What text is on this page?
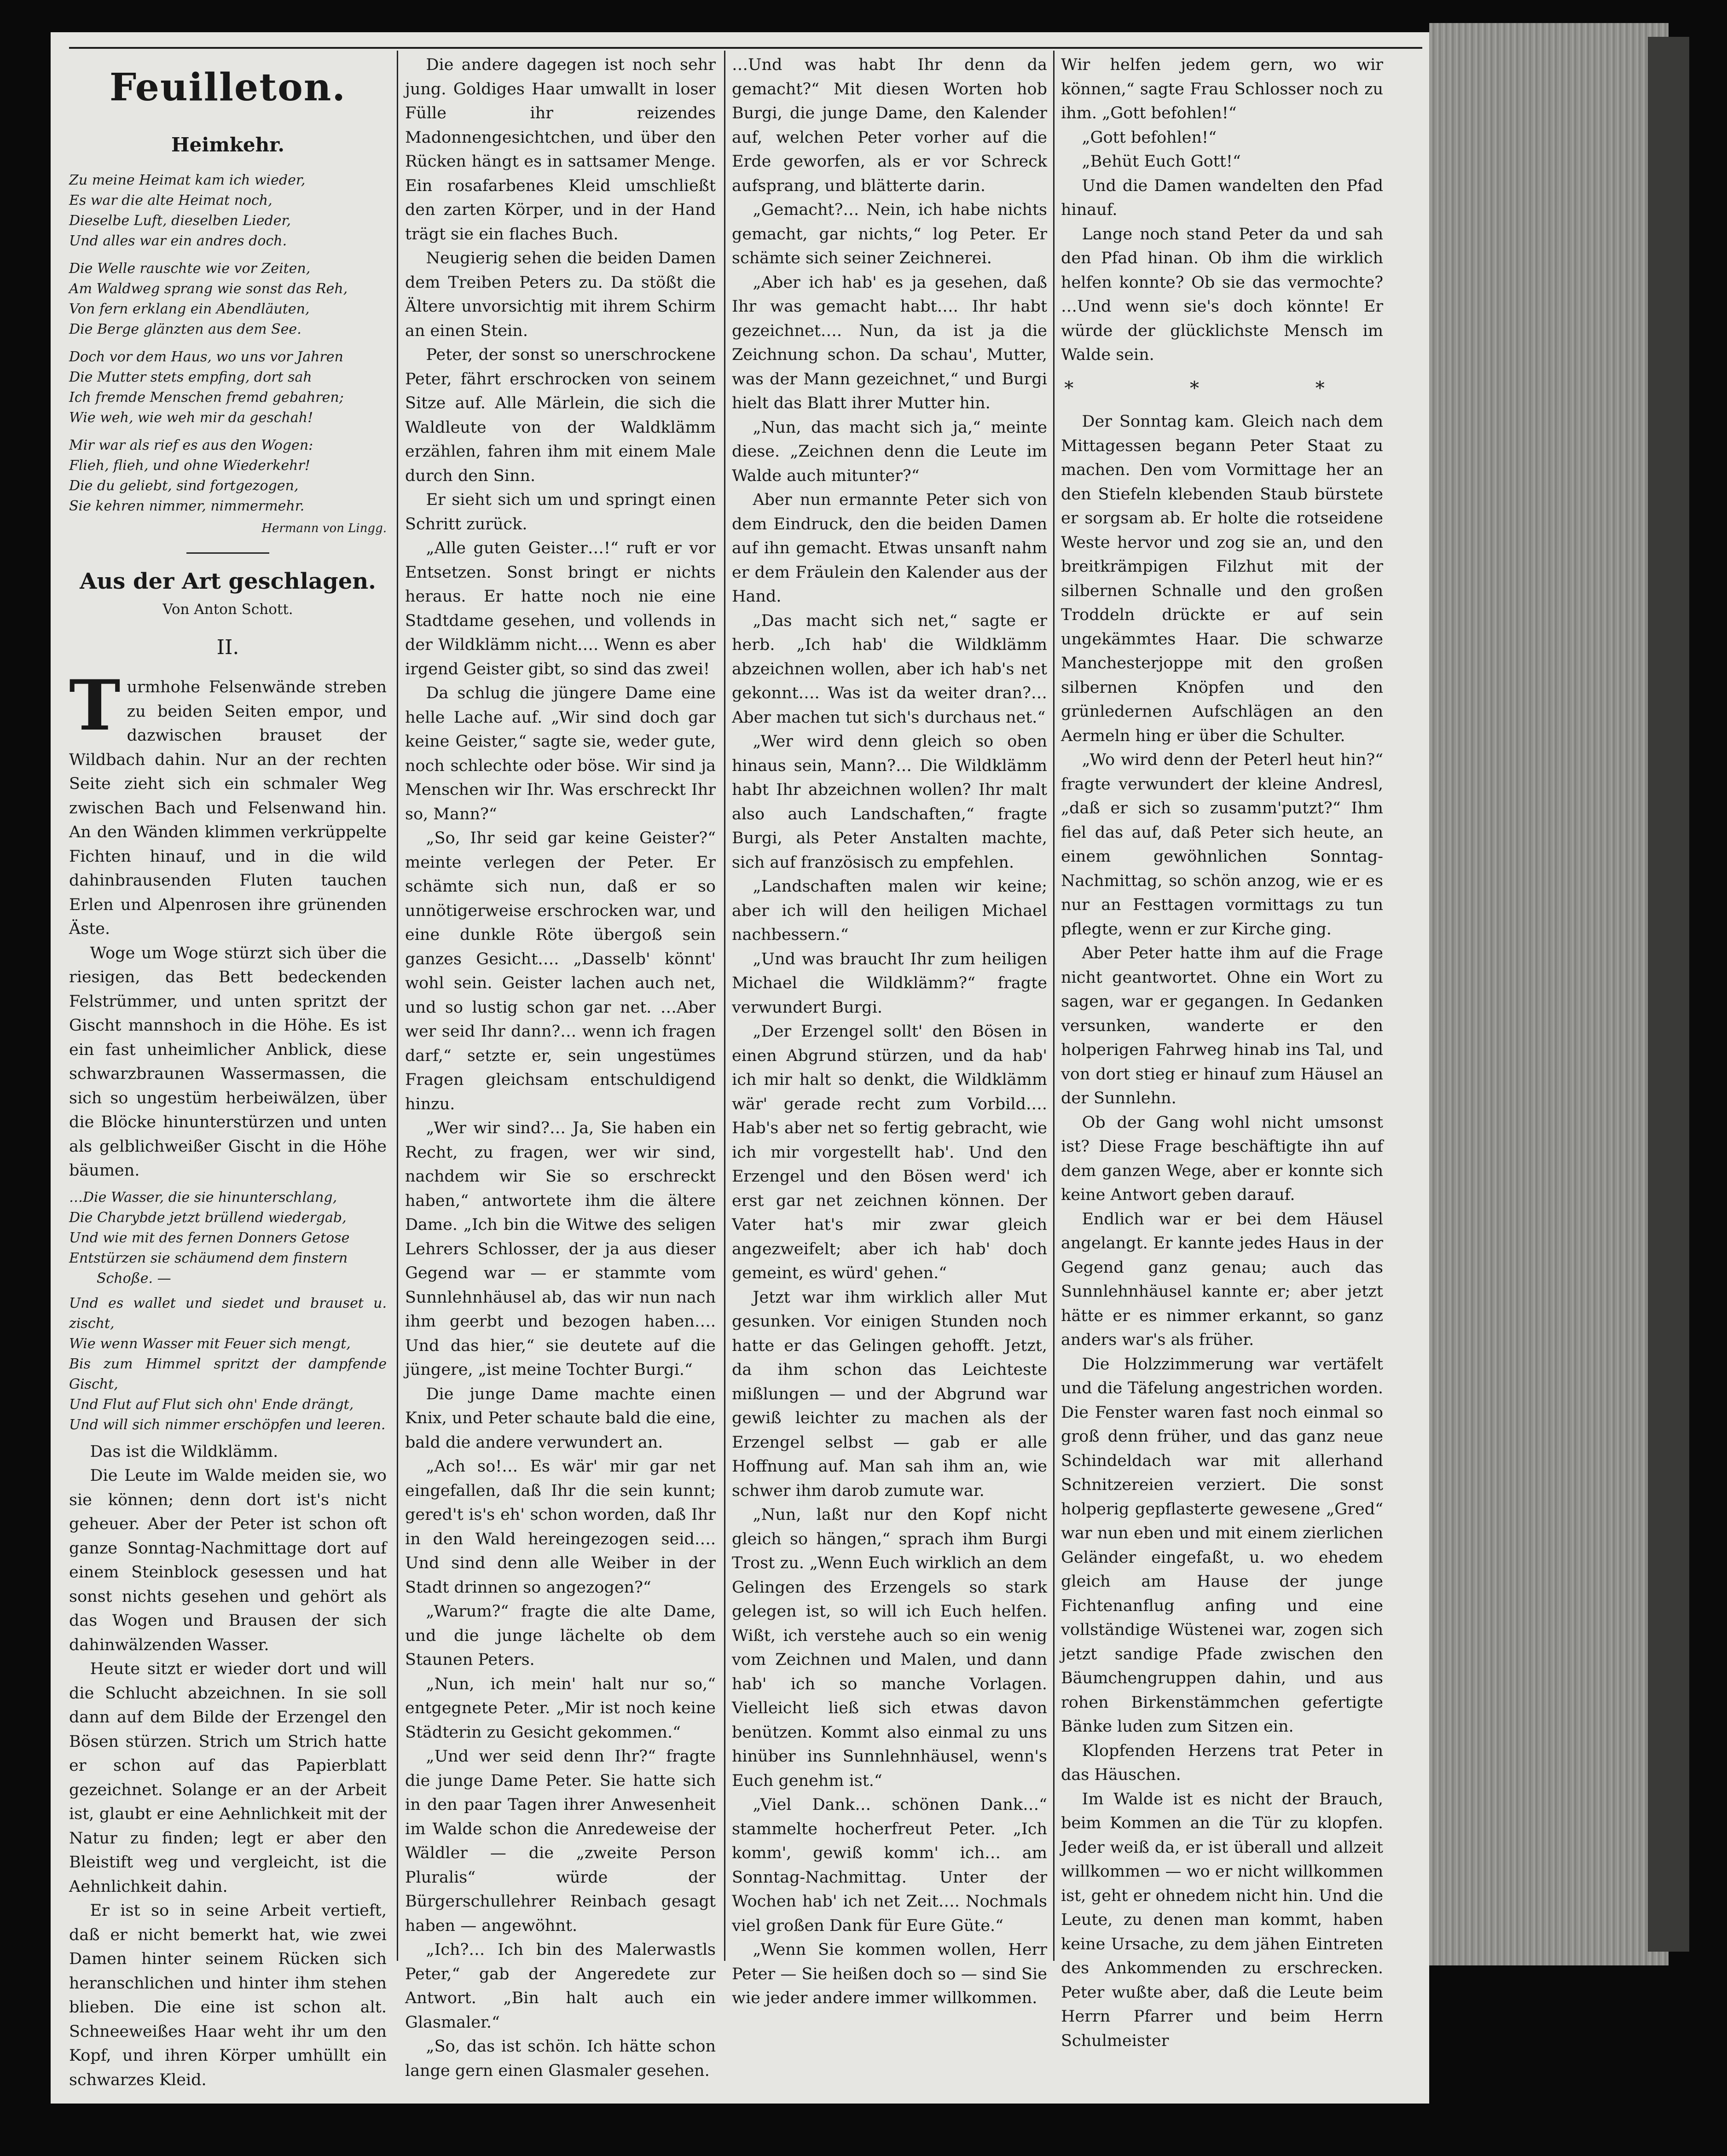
Feuilleton.
Heimkehr.
Zu meine Heimat kam ich wieder,
Es war die alte Heimat noch,
Dieselbe Luft, dieselben Lieder,
Und alles war ein andres doch.
Die Welle rauschte wie vor Zeiten,
Am Waldweg sprang wie sonst das Reh,
Von fern erklang ein Abendläuten,
Die Berge glänzten aus dem See.
Doch vor dem Haus, wo uns vor Jahren
Die Mutter stets empfing, dort sah
Ich fremde Menschen fremd gebahren;
Wie weh, wie weh mir da geschah!
Mir war als rief es aus den Wogen:
Flieh, flieh, und ohne Wiederkehr!
Die du geliebt, sind fortgezogen,
Sie kehren nimmer, nimmermehr.
Hermann von Lingg.
Aus der Art geschlagen.
Von Anton Schott.
II.

Turmhohe Felsenwände streben zu beiden Seiten empor, und dazwischen brauset der Wildbach dahin. Nur an der rechten Seite zieht sich ein schmaler Weg zwischen Bach und Felsenwand hin. An den Wänden klimmen verkrüppelte Fichten hinauf, und in die wild dahinbrausenden Fluten tauchen Erlen und Alpenrosen ihre grünenden Äste.

Woge um Woge stürzt sich über die riesigen, das Bett bedeckenden Felstrümmer, und unten spritzt der Gischt mannshoch in die Höhe. Es ist ein fast unheimlicher Anblick, diese schwarzbraunen Wassermassen, die sich so ungestüm herbeiwälzen, über die Blöcke hinunterstürzen und unten als gelblichweißer Gischt in die Höhe bäumen.

…Die Wasser, die sie hinunterschlang,
Die Charybde jetzt brüllend wiedergab,
Und wie mit des fernen Donners Getose
Entstürzen sie schäumend dem finstern
Schoße. —
Und es wallet und siedet und brauset u. zischt,
Wie wenn Wasser mit Feuer sich mengt,
Bis zum Himmel spritzt der dampfende Gischt,
Und Flut auf Flut sich ohn' Ende drängt,
Und will sich nimmer erschöpfen und leeren.

Das ist die Wildklämm.

Die Leute im Walde meiden sie, wo sie können; denn dort ist's nicht geheuer. Aber der Peter ist schon oft ganze Sonntag-Nachmittage dort auf einem Steinblock gesessen und hat sonst nichts gesehen und gehört als das Wogen und Brausen der sich dahinwälzenden Wasser.

Heute sitzt er wieder dort und will die Schlucht abzeichnen. In sie soll dann auf dem Bilde der Erzengel den Bösen stürzen. Strich um Strich hatte er schon auf das Papierblatt gezeichnet. Solange er an der Arbeit ist, glaubt er eine Aehnlichkeit mit der Natur zu finden; legt er aber den Bleistift weg und vergleicht, ist die Aehnlichkeit dahin.

Er ist so in seine Arbeit vertieft, daß er nicht bemerkt hat, wie zwei Damen hinter seinem Rücken sich heranschlichen und hinter ihm stehen blieben. Die eine ist schon alt. Schneeweißes Haar weht ihr um den Kopf, und ihren Körper umhüllt ein schwarzes Kleid.

Die andere dagegen ist noch sehr jung. Goldiges Haar umwallt in loser Fülle ihr reizendes Madonnengesichtchen, und über den Rücken hängt es in sattsamer Menge. Ein rosafarbenes Kleid umschließt den zarten Körper, und in der Hand trägt sie ein flaches Buch.

Neugierig sehen die beiden Damen dem Treiben Peters zu. Da stößt die Ältere unvorsichtig mit ihrem Schirm an einen Stein.

Peter, der sonst so unerschrockene Peter, fährt erschrocken von seinem Sitze auf. Alle Märlein, die sich die Waldleute von der Waldklämm erzählen, fahren ihm mit einem Male durch den Sinn.

Er sieht sich um und springt einen Schritt zurück.

„Alle guten Geister…!“ ruft er vor Entsetzen. Sonst bringt er nichts heraus. Er hatte noch nie eine Stadtdame gesehen, und vollends in der Wildklämm nicht…. Wenn es aber irgend Geister gibt, so sind das zwei!

Da schlug die jüngere Dame eine helle Lache auf. „Wir sind doch gar keine Geister,“ sagte sie, weder gute, noch schlechte oder böse. Wir sind ja Menschen wir Ihr. Was erschreckt Ihr so, Mann?“

„So, Ihr seid gar keine Geister?“ meinte verlegen der Peter. Er schämte sich nun, daß er so unnötigerweise erschrocken war, und eine dunkle Röte übergoß sein ganzes Gesicht…. „Dasselb' könnt' wohl sein. Geister lachen auch net, und so lustig schon gar net. …Aber wer seid Ihr dann?… wenn ich fragen darf,“ setzte er, sein ungestümes Fragen gleichsam entschuldigend hinzu.

„Wer wir sind?… Ja, Sie haben ein Recht, zu fragen, wer wir sind, nachdem wir Sie so erschreckt haben,“ antwortete ihm die ältere Dame. „Ich bin die Witwe des seligen Lehrers Schlosser, der ja aus dieser Gegend war — er stammte vom Sunnlehnhäusel ab, das wir nun nach ihm geerbt und bezogen haben…. Und das hier,“ sie deutete auf die jüngere, „ist meine Tochter Burgi.“

Die junge Dame machte einen Knix, und Peter schaute bald die eine, bald die andere verwundert an.

„Ach so!… Es wär' mir gar net eingefallen, daß Ihr die sein kunnt; gered't is's eh' schon worden, daß Ihr in den Wald hereingezogen seid…. Und sind denn alle Weiber in der Stadt drinnen so angezogen?“

„Warum?“ fragte die alte Dame, und die junge lächelte ob dem Staunen Peters.

„Nun, ich mein' halt nur so,“ entgegnete Peter. „Mir ist noch keine Städterin zu Gesicht gekommen.“

„Und wer seid denn Ihr?“ fragte die junge Dame Peter. Sie hatte sich in den paar Tagen ihrer Anwesenheit im Walde schon die Anredeweise der Wäldler — die „zweite Person Pluralis“ würde der Bürgerschullehrer Reinbach gesagt haben — angewöhnt.

„Ich?… Ich bin des Malerwastls Peter,“ gab der Angeredete zur Antwort. „Bin halt auch ein Glasmaler.“

„So, das ist schön. Ich hätte schon lange gern einen Glasmaler gesehen.

…Und was habt Ihr denn da gemacht?“ Mit diesen Worten hob Burgi, die junge Dame, den Kalender auf, welchen Peter vorher auf die Erde geworfen, als er vor Schreck aufsprang, und blätterte darin.

„Gemacht?… Nein, ich habe nichts gemacht, gar nichts,“ log Peter. Er schämte sich seiner Zeichnerei.

„Aber ich hab' es ja gesehen, daß Ihr was gemacht habt…. Ihr habt gezeichnet…. Nun, da ist ja die Zeichnung schon. Da schau', Mutter, was der Mann gezeichnet,“ und Burgi hielt das Blatt ihrer Mutter hin.

„Nun, das macht sich ja,“ meinte diese. „Zeichnen denn die Leute im Walde auch mitunter?“

Aber nun ermannte Peter sich von dem Eindruck, den die beiden Damen auf ihn gemacht. Etwas unsanft nahm er dem Fräulein den Kalender aus der Hand.

„Das macht sich net,“ sagte er herb. „Ich hab' die Wildklämm abzeichnen wollen, aber ich hab's net gekonnt…. Was ist da weiter dran?… Aber machen tut sich's durchaus net.“

„Wer wird denn gleich so oben hinaus sein, Mann?… Die Wildklämm habt Ihr abzeichnen wollen? Ihr malt also auch Landschaften,“ fragte Burgi, als Peter Anstalten machte, sich auf französisch zu empfehlen.

„Landschaften malen wir keine; aber ich will den heiligen Michael nachbessern.“

„Und was braucht Ihr zum heiligen Michael die Wildklämm?“ fragte verwundert Burgi.

„Der Erzengel sollt' den Bösen in einen Abgrund stürzen, und da hab' ich mir halt so denkt, die Wildklämm wär' gerade recht zum Vorbild…. Hab's aber net so fertig gebracht, wie ich mir vorgestellt hab'. Und den Erzengel und den Bösen werd' ich erst gar net zeichnen können. Der Vater hat's mir zwar gleich angezweifelt; aber ich hab' doch gemeint, es würd' gehen.“

Jetzt war ihm wirklich aller Mut gesunken. Vor einigen Stunden noch hatte er das Gelingen gehofft. Jetzt, da ihm schon das Leichteste mißlungen — und der Abgrund war gewiß leichter zu machen als der Erzengel selbst — gab er alle Hoffnung auf. Man sah ihm an, wie schwer ihm darob zumute war.

„Nun, laßt nur den Kopf nicht gleich so hängen,“ sprach ihm Burgi Trost zu. „Wenn Euch wirklich an dem Gelingen des Erzengels so stark gelegen ist, so will ich Euch helfen. Wißt, ich verstehe auch so ein wenig vom Zeichnen und Malen, und dann hab' ich so manche Vorlagen. Vielleicht ließ sich etwas davon benützen. Kommt also einmal zu uns hinüber ins Sunnlehnhäusel, wenn's Euch genehm ist.“

„Viel Dank… schönen Dank…“ stammelte hocherfreut Peter. „Ich komm', gewiß komm' ich… am Sonntag-Nachmittag. Unter der Wochen hab' ich net Zeit…. Nochmals viel großen Dank für Eure Güte.“

„Wenn Sie kommen wollen, Herr Peter — Sie heißen doch so — sind Sie wie jeder andere immer willkommen.

Wir helfen jedem gern, wo wir können,“ sagte Frau Schlosser noch zu ihm. „Gott befohlen!“

„Gott befohlen!“

„Behüt Euch Gott!“

Und die Damen wandelten den Pfad hinauf.

Lange noch stand Peter da und sah den Pfad hinan. Ob ihm die wirklich helfen konnte? Ob sie das vermochte? …Und wenn sie's doch könnte! Er würde der glücklichste Mensch im Walde sein.

* * *

Der Sonntag kam. Gleich nach dem Mittagessen begann Peter Staat zu machen. Den vom Vormittage her an den Stiefeln klebenden Staub bürstete er sorgsam ab. Er holte die rotseidene Weste hervor und zog sie an, und den breitkrämpigen Filzhut mit der silbernen Schnalle und den großen Troddeln drückte er auf sein ungekämmtes Haar. Die schwarze Manchesterjoppe mit den großen silbernen Knöpfen und den grünledernen Aufschlägen an den Aermeln hing er über die Schulter.

„Wo wird denn der Peterl heut hin?“ fragte verwundert der kleine Andresl, „daß er sich so zusamm'putzt?“ Ihm fiel das auf, daß Peter sich heute, an einem gewöhnlichen Sonntag-Nachmittag, so schön anzog, wie er es nur an Festtagen vormittags zu tun pflegte, wenn er zur Kirche ging.

Aber Peter hatte ihm auf die Frage nicht geantwortet. Ohne ein Wort zu sagen, war er gegangen. In Gedanken versunken, wanderte er den holperigen Fahrweg hinab ins Tal, und von dort stieg er hinauf zum Häusel an der Sunnlehn.

Ob der Gang wohl nicht umsonst ist? Diese Frage beschäftigte ihn auf dem ganzen Wege, aber er konnte sich keine Antwort geben darauf.

Endlich war er bei dem Häusel angelangt. Er kannte jedes Haus in der Gegend ganz genau; auch das Sunnlehnhäusel kannte er; aber jetzt hätte er es nimmer erkannt, so ganz anders war's als früher.

Die Holzzimmerung war vertäfelt und die Täfelung angestrichen worden. Die Fenster waren fast noch einmal so groß denn früher, und das ganz neue Schindeldach war mit allerhand Schnitzereien verziert. Die sonst holperig gepflasterte gewesene „Gred“ war nun eben und mit einem zierlichen Geländer eingefaßt, u. wo ehedem gleich am Hause der junge Fichtenanflug anfing und eine vollständige Wüstenei war, zogen sich jetzt sandige Pfade zwischen den Bäumchengruppen dahin, und aus rohen Birkenstämmchen gefertigte Bänke luden zum Sitzen ein.

Klopfenden Herzens trat Peter in das Häuschen.

Im Walde ist es nicht der Brauch, beim Kommen an die Tür zu klopfen. Jeder weiß da, er ist überall und allzeit willkommen — wo er nicht willkommen ist, geht er ohnedem nicht hin. Und die Leute, zu denen man kommt, haben keine Ursache, zu dem jähen Eintreten des Ankommenden zu erschrecken. Peter wußte aber, daß die Leute beim Herrn Pfarrer und beim Herrn Schulmeister
